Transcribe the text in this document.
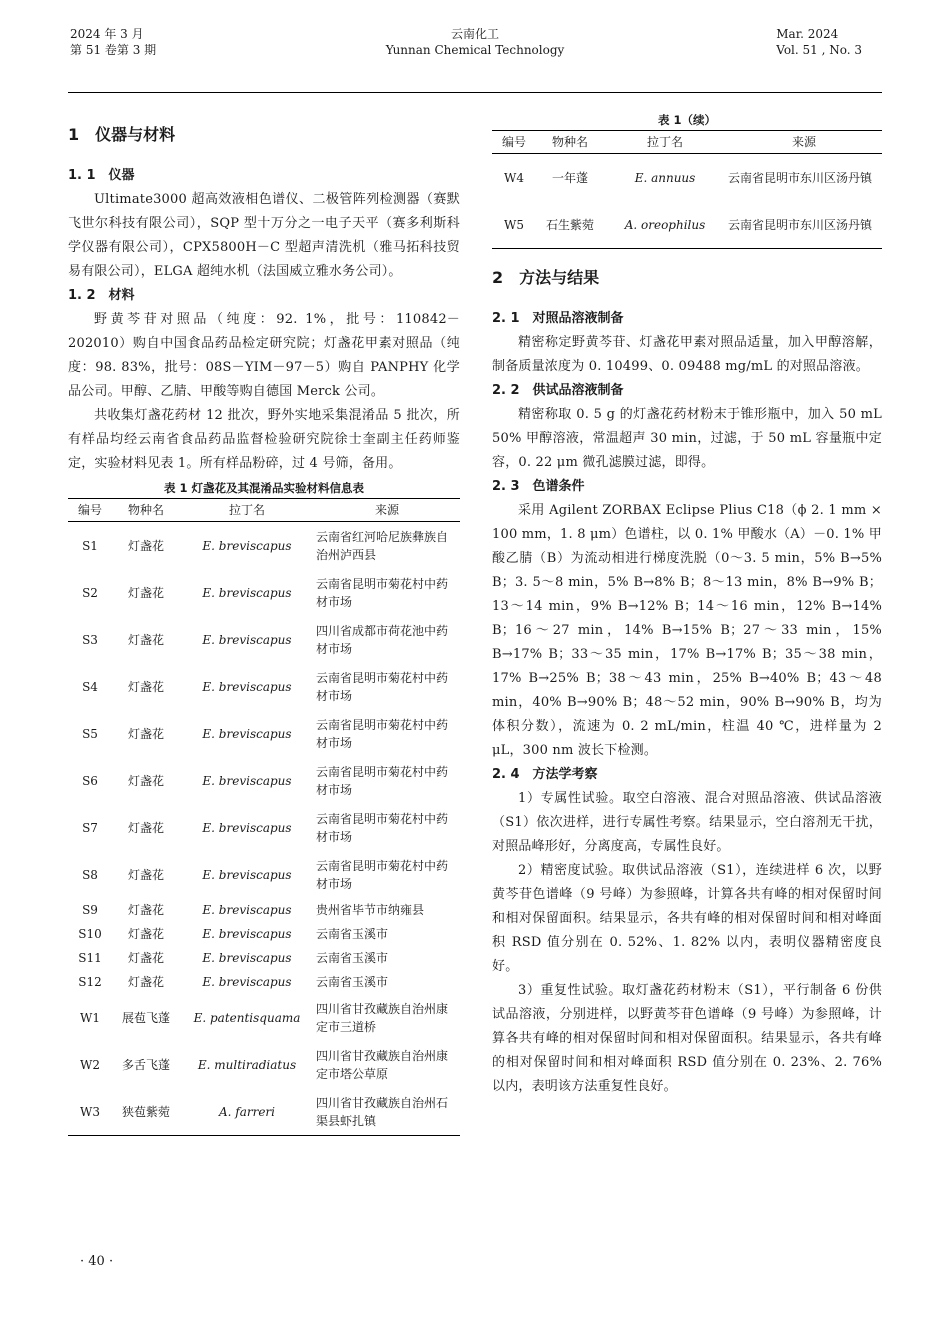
2024 年 3 月
第 51 卷第 3 期
云南化工
Yunnan Chemical Technology
Mar. 2024
Vol. 51 , No. 3
1　仪器与材料
1. 1　仪器

Ultimate3000 超高效液相色谱仪、二极管阵列检测器（赛默飞世尔科技有限公司），SQP 型十万分之一电子天平（赛多利斯科学仪器有限公司），CPX5800H－C 型超声清洗机（雅马拓科技贸易有限公司），ELGA 超纯水机（法国威立雅水务公司）。

1. 2　材料

野黄芩苷对照品（纯度：92. 1%，批号：110842－202010）购自中国食品药品检定研究院；灯盏花甲素对照品（纯度：98. 83%，批号：08S－YIM－97－5）购自 PANPHY 化学品公司。甲醇、乙腈、甲酸等购自德国 Merck 公司。

共收集灯盏花药材 12 批次，野外实地采集混淆品 5 批次，所有样品均经云南省食品药品监督检验研究院徐士奎副主任药师鉴定，实验材料见表 1。所有样品粉碎，过 4 号筛，备用。

表 1 灯盏花及其混淆品实验材料信息表
编号	物种名	拉丁名	来源
S1	灯盏花	E. breviscapus	云南省红河哈尼族彝族自治州泸西县
S2	灯盏花	E. breviscapus	云南省昆明市菊花村中药材市场
S3	灯盏花	E. breviscapus	四川省成都市荷花池中药材市场
S4	灯盏花	E. breviscapus	云南省昆明市菊花村中药材市场
S5	灯盏花	E. breviscapus	云南省昆明市菊花村中药材市场
S6	灯盏花	E. breviscapus	云南省昆明市菊花村中药材市场
S7	灯盏花	E. breviscapus	云南省昆明市菊花村中药材市场
S8	灯盏花	E. breviscapus	云南省昆明市菊花村中药材市场
S9	灯盏花	E. breviscapus	贵州省毕节市纳雍县
S10	灯盏花	E. breviscapus	云南省玉溪市
S11	灯盏花	E. breviscapus	云南省玉溪市
S12	灯盏花	E. breviscapus	云南省玉溪市
W1	展苞飞蓬	E. patentisquama	四川省甘孜藏族自治州康定市三道桥
W2	多舌飞蓬	E. multiradiatus	四川省甘孜藏族自治州康定市塔公草原
W3	狭苞紫菀	A. farreri	四川省甘孜藏族自治州石渠县虾扎镇
· 40 ·
表 1（续）
编号	物种名	拉丁名	来源
W4	一年蓬	E. annuus	云南省昆明市东川区汤丹镇
W5	石生紫菀	A. oreophilus	云南省昆明市东川区汤丹镇
2　方法与结果
2. 1　对照品溶液制备

精密称定野黄芩苷、灯盏花甲素对照品适量，加入甲醇溶解，制备质量浓度为 0. 10499、0. 09488 mg/mL 的对照品溶液。

2. 2　供试品溶液制备

精密称取 0. 5 g 的灯盏花药材粉末于锥形瓶中，加入 50 mL 50% 甲醇溶液，常温超声 30 min，过滤，于 50 mL 容量瓶中定容，0. 22 μm 微孔滤膜过滤，即得。

2. 3　色谱条件

采用 Agilent ZORBAX Eclipse Plius C18（ϕ 2. 1 mm × 100 mm，1. 8 μm）色谱柱，以 0. 1% 甲酸水（A）－0. 1% 甲酸乙腈（B）为流动相进行梯度洗脱（0～3. 5 min，5% B→5% B；3. 5～8 min，5% B→8% B；8～13 min，8% B→9% B；13～14 min，9% B→12% B；14～16 min，12% B→14% B；16～27 min，14% B→15% B；27～33 min，15% B→17% B；33～35 min，17% B→17% B；35～38 min，17% B→25% B；38～43 min，25% B→40% B；43～48 min，40% B→90% B；48～52 min，90% B→90% B，均为体积分数），流速为 0. 2 mL/min，柱温 40 ℃，进样量为 2 μL，300 nm 波长下检测。

2. 4　方法学考察

1）专属性试验。取空白溶液、混合对照品溶液、供试品溶液（S1）依次进样，进行专属性考察。结果显示，空白溶剂无干扰，对照品峰形好，分离度高，专属性良好。

2）精密度试验。取供试品溶液（S1），连续进样 6 次，以野黄芩苷色谱峰（9 号峰）为参照峰，计算各共有峰的相对保留时间和相对保留面积。结果显示，各共有峰的相对保留时间和相对峰面积 RSD 值分别在 0. 52%、1. 82% 以内，表明仪器精密度良好。

3）重复性试验。取灯盏花药材粉末（S1），平行制备 6 份供试品溶液，分别进样，以野黄芩苷色谱峰（9 号峰）为参照峰，计算各共有峰的相对保留时间和相对保留面积。结果显示，各共有峰的相对保留时间和相对峰面积 RSD 值分别在 0. 23%、2. 76% 以内，表明该方法重复性良好。
